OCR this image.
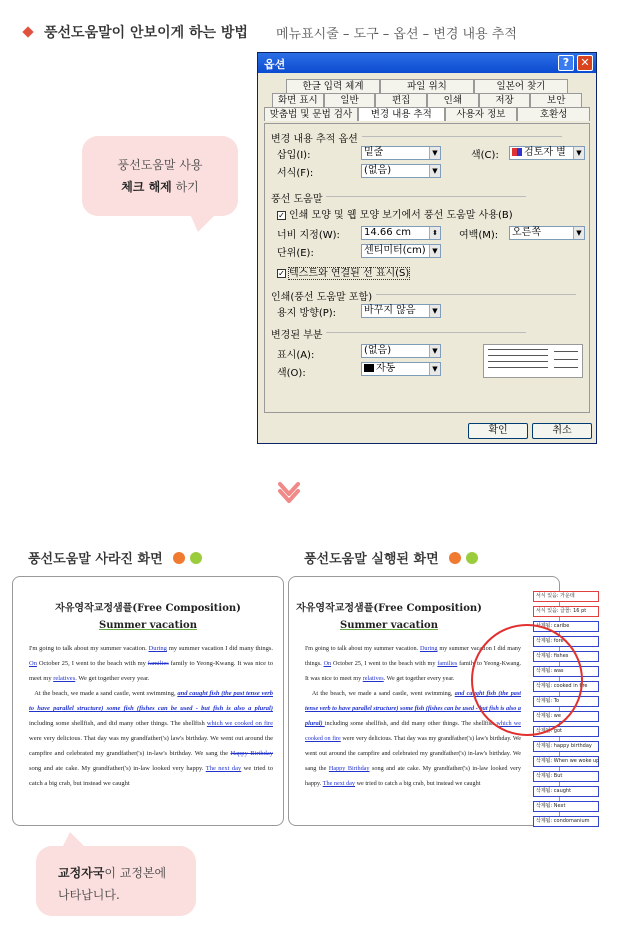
풍선도움말이 안보이게 하는 방법 메뉴표시줄 – 도구 – 옵션 – 변경 내용 추적
풍선도움말 사용
체크 해제 하기
옵션	?	✕
한글 입력 체계	파일 위치	일본어 찾기
화면 표시	일반	편집	인쇄	저장	보안
맞춤법 및 문법 검사	변경 내용 추적	사용자 정보	호환성
변경 내용 추적 옵션
삽입(I):	밑줄	▼	색(C):	검토자 별	▼
서식(F):	(없음)	▼
풍선 도움말
✓ 인쇄 모양 및 웹 모양 보기에서 풍선 도움말 사용(B)
너비 지정(W):	14.66 cm	⬍ 여백(M):	오른쪽	▼
단위(E):	센티미터(cm) ▼
✓ 텍스트와 연결된 선 표시(S)
인쇄(풍선 도움말 포함)
용지 방향(P):	바꾸지 않음	▼
변경된 부분
표시(A):	(없음)	▼
색(O):	자동	▼
확인	취소
풍선도움말 사라진 화면	풍선도움말 실행된 화면
자유영작교정샘플(Free Composition)
Summer vacation
I'm going to talk about my summer vacation. During my summer vacation I did many things. On October 25, I went to the beach with my families family to Yeong-Kwang. It was nice to meet my relatives. We get together every year.
At the beach, we made a sand castle, went swimming, and caught fish (the past tense verb to have parallel structure) some fish (fishes can be used - but fish is also a plural) including some shellfish, and did many other things. The shellfish which we cooked on fire were very delicious. That day was my grandfather('s) law's birthday. We went out around the campfire and celebrated my grandfather('s) in-law's birthday. We sang the Happy Birthday song and ate cake. My grandfather('s) in-law looked very happy. The next day we tried to catch a big crab, but instead we caught
자유영작교정샘플(Free Composition)
Summer vacation
I'm going to talk about my summer vacation. During my summer vacation I did many things. On October 25, I went to the beach with my families family to Yeong-Kwang. It was nice to meet my relatives. We get together every year.
At the beach, we made a sand castle, went swimming, and caught fish (the past tense verb to have parallel structure) some fish (fishes can be used - but fish is also a plural) including some shellfish, and did many other things. The shellfish which we cooked on fire were very delicious. That day was my grandfather('s) law's birthday. We went out around the campfire and celebrated my grandfather('s) in-law's birthday. We sang the Happy Birthday song and ate cake. My grandfather('s) in-law looked very happy. The next day we tried to catch a big crab, but instead we caught
서식 있음: 가운데
서식 있음: 글꼴: 16 pt
삭제됨: caribe
삭제됨: fore
삭제됨: fishes
삭제됨: was
삭제됨: cooked in fire
삭제됨: To
삭제됨: we
삭제됨: got
삭제됨: happy birthday
삭제됨: When we woke up
삭제됨: But
삭제됨: caught
삭제됨: Next
삭제됨: condomanium
교정자국이 교정본에
나타납니다.
